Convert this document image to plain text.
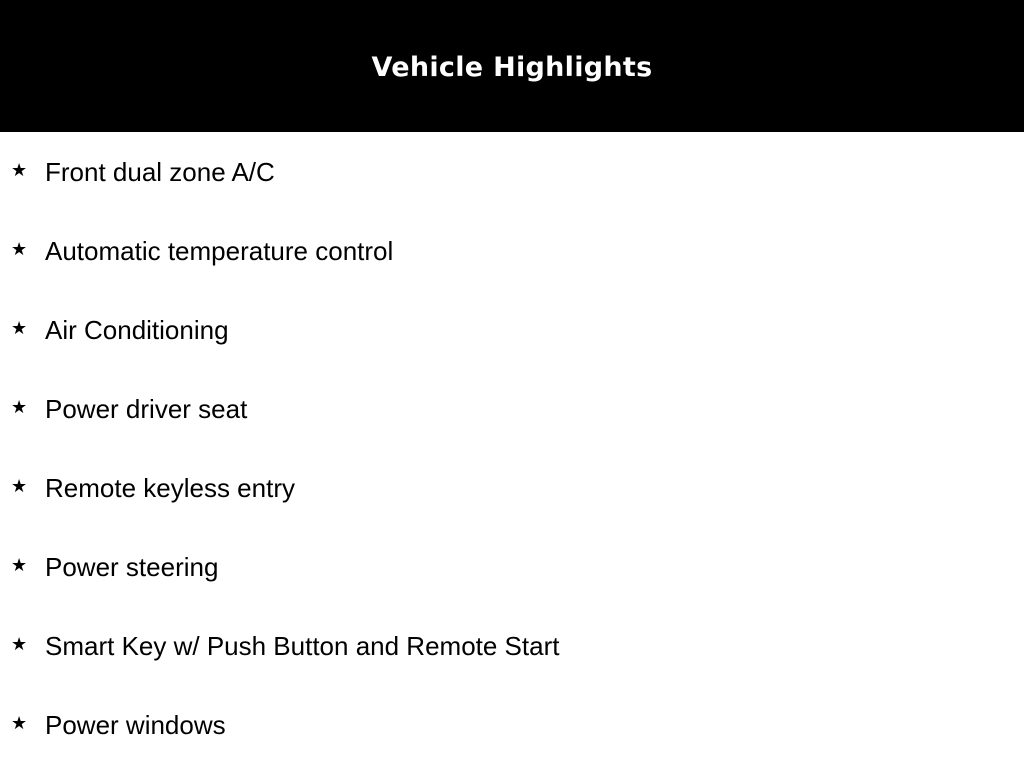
Vehicle Highlights
★ Front dual zone A/C
★ Automatic temperature control
★ Air Conditioning
★ Power driver seat
★ Remote keyless entry
★ Power steering
★ Smart Key w/ Push Button and Remote Start
★ Power windows
